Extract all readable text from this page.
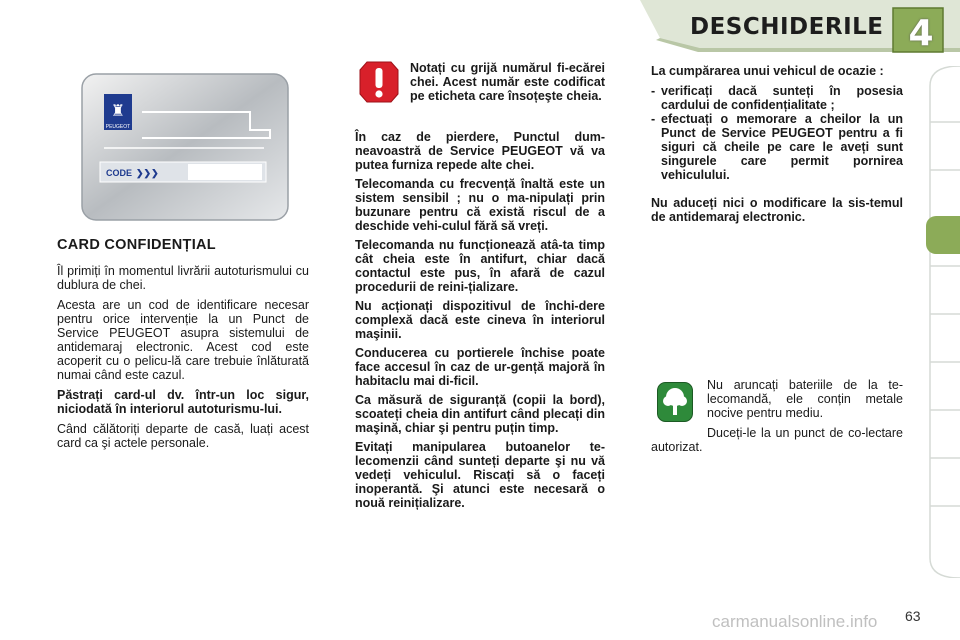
DESCHIDERILE 4
♜
PEUGEOT
CODE ❯❯❯
CARD CONFIDENȚIAL

Îl primiți în momentul livrării autoturismului cu dublura de chei.

Acesta are un cod de identificare necesar pentru orice intervenție la un Punct de Service PEUGEOT asupra sistemului de antidemaraj electronic. Acest cod este acoperit cu o pelicu-lă care trebuie înlăturată numai când este cazul.

Păstrați card-ul dv. într-un loc sigur, niciodată în interiorul autoturismu-lui.

Când călătoriți departe de casă, luați acest card ca şi actele personale.

Notați cu grijă numărul fi-ecărei chei. Acest număr este codificat pe eticheta care însoțeşte cheia.

În caz de pierdere, Punctul dum-neavoastră de Service PEUGEOT vă va putea furniza repede alte chei.

Telecomanda cu frecvență înaltă este un sistem sensibil ; nu o ma-nipulați prin buzunare pentru că există riscul de a deschide vehi-culul fără să vreți.

Telecomanda nu funcționează atâ-ta timp cât cheia este în antifurt, chiar dacă contactul este pus, în afară de cazul procedurii de reini-țializare.

Nu acționați dispozitivul de închi-dere complexă dacă este cineva în interiorul maşinii.

Conducerea cu portierele închise poate face accesul în caz de ur-gență majoră în habitaclu mai di-ficil.

Ca măsură de siguranță (copii la bord), scoateți cheia din antifurt când plecați din maşină, chiar şi pentru puțin timp.

Evitați manipularea butoanelor te-lecomenzii când sunteți departe şi nu vă vedeți vehiculul. Riscați să o faceți inoperantă. Şi atunci este necesară o nouă reinițializare.

La cumpărarea unui vehicul de ocazie :

- verificați dacă sunteți în posesia cardului de confidențialitate ;
- efectuați o memorare a cheilor la un Punct de Service PEUGEOT pentru a fi siguri că cheile pe care le aveți sunt singurele care permit pornirea vehiculului.

Nu aduceți nici o modificare la sis-temul de antidemaraj electronic.

Nu aruncați bateriile de la te-lecomandă, ele conțin metale nocive pentru mediu.

Duceți-le la un punct de co-lectare autorizat.

63
carmanualsonline.info
